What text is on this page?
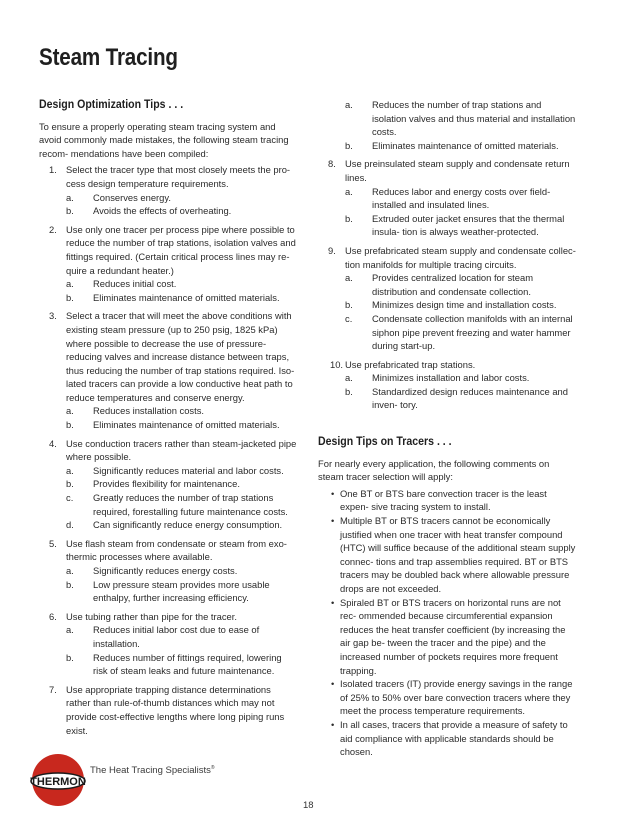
Steam Tracing
Design Optimization Tips . . .
To ensure a properly operating steam tracing system and avoid commonly made mistakes, the following steam tracing recom- mendations have been compiled:
1. Select the tracer type that most closely meets the pro- cess design temperature requirements.
a. Conserves energy.
b. Avoids the effects of overheating.
2. Use only one tracer per process pipe where possible to reduce the number of trap stations, isolation valves and fittings required. (Certain critical process lines may re- quire a redundant heater.)
a. Reduces initial cost.
b. Eliminates maintenance of omitted materials.
3. Select a tracer that will meet the above conditions with existing steam pressure (up to 250 psig, 1825 kPa) where possible to decrease the use of pressure- reducing valves and increase distance between traps, thus reducing the number of trap stations required. Iso- lated tracers can provide a low conductive heat path to reduce temperatures and conserve energy.
a. Reduces installation costs.
b. Eliminates maintenance of omitted materials.
4. Use conduction tracers rather than steam-jacketed pipe where possible.
a. Significantly reduces material and labor costs.
b. Provides flexibility for maintenance.
c. Greatly reduces the number of trap stations required, forestalling future maintenance costs.
d. Can significantly reduce energy consumption.
5. Use flash steam from condensate or steam from exo- thermic processes where available.
a. Significantly reduces energy costs.
b. Low pressure steam provides more usable enthalpy, further increasing efficiency.
6. Use tubing rather than pipe for the tracer.
a. Reduces initial labor cost due to ease of installation.
b. Reduces number of fittings required, lowering risk of steam leaks and future maintenance.
7. Use appropriate trapping distance determinations rather than rule-of-thumb distances which may not provide cost-effective lengths where long piping runs exist.
a. Reduces the number of trap stations and isolation valves and thus material and installation costs.
b. Eliminates maintenance of omitted materials.
8. Use preinsulated steam supply and condensate return lines.
a. Reduces labor and energy costs over field-installed and insulated lines.
b. Extruded outer jacket ensures that the thermal insula- tion is always weather-protected.
9. Use prefabricated steam supply and condensate collec- tion manifolds for multiple tracing circuits.
a. Provides centralized location for steam distribution and condensate collection.
b. Minimizes design time and installation costs.
c. Condensate collection manifolds with an internal siphon pipe prevent freezing and water hammer during start-up.
10. Use prefabricated trap stations.
a. Minimizes installation and labor costs.
b. Standardized design reduces maintenance and inven- tory.
Design Tips on Tracers . . .
For nearly every application, the following comments on steam tracer selection will apply:
• One BT or BTS bare convection tracer is the least expen- sive tracing system to install.
• Multiple BT or BTS tracers cannot be economically justified when one tracer with heat transfer compound (HTC) will suffice because of the additional steam supply connec- tions and trap assemblies required. BT or BTS tracers may be doubled back where allowable pressure drops are not exceeded.
• Spiraled BT or BTS tracers on horizontal runs are not rec- ommended because circumferential expansion reduces the heat transfer coefficient (by increasing the air gap be- tween the tracer and the pipe) and the increased number of pockets requires more frequent trapping.
• Isolated tracers (IT) provide energy savings in the range of 25% to 50% over bare convection tracers where they meet the process temperature requirements.
• In all cases, tracers that provide a measure of safety to aid compliance with applicable standards should be chosen.
THERMON
The Heat Tracing Specialists®
18
